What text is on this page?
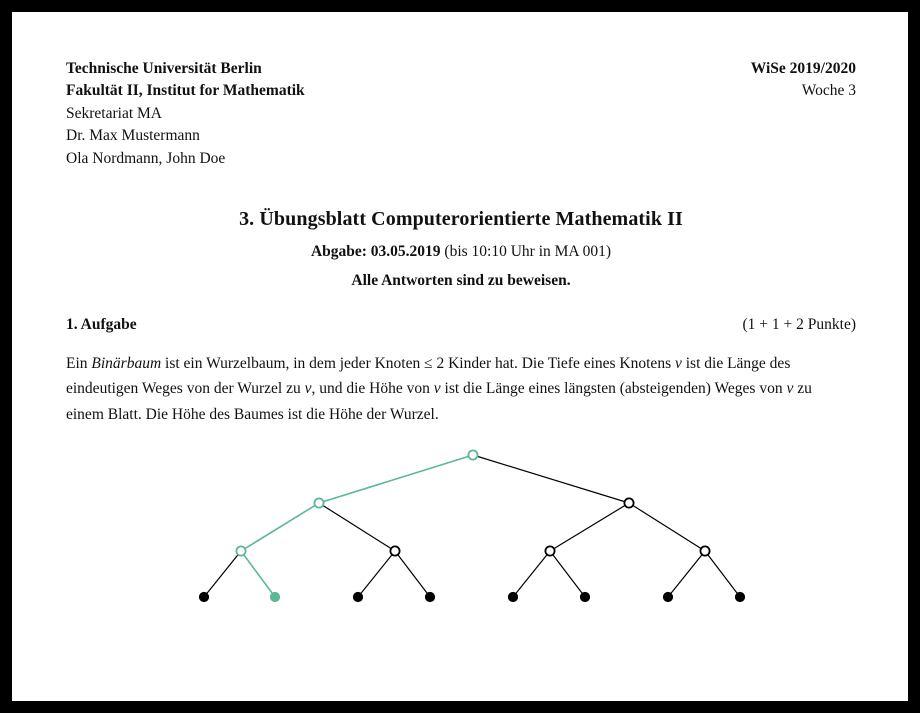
Technische Universität Berlin	WiSe 2019/2020
Fakultät II, Institut for Mathematik	Woche 3
Sekretariat MA
Dr. Max Mustermann
Ola Nordmann, John Doe
3. Übungsblatt Computerorientierte Mathematik II
Abgabe: 03.05.2019 (bis 10:10 Uhr in MA 001)
Alle Antworten sind zu beweisen.
1. Aufgabe	(1 + 1 + 2 Punkte)
Ein Binärbaum ist ein Wurzelbaum, in dem jeder Knoten ≤ 2 Kinder hat. Die Tiefe eines Knotens v ist die Länge des eindeutigen Weges von der Wurzel zu v, und die Höhe von v ist die Länge eines längsten (absteigenden) Weges von v zu einem Blatt. Die Höhe des Baumes ist die Höhe der Wurzel.
